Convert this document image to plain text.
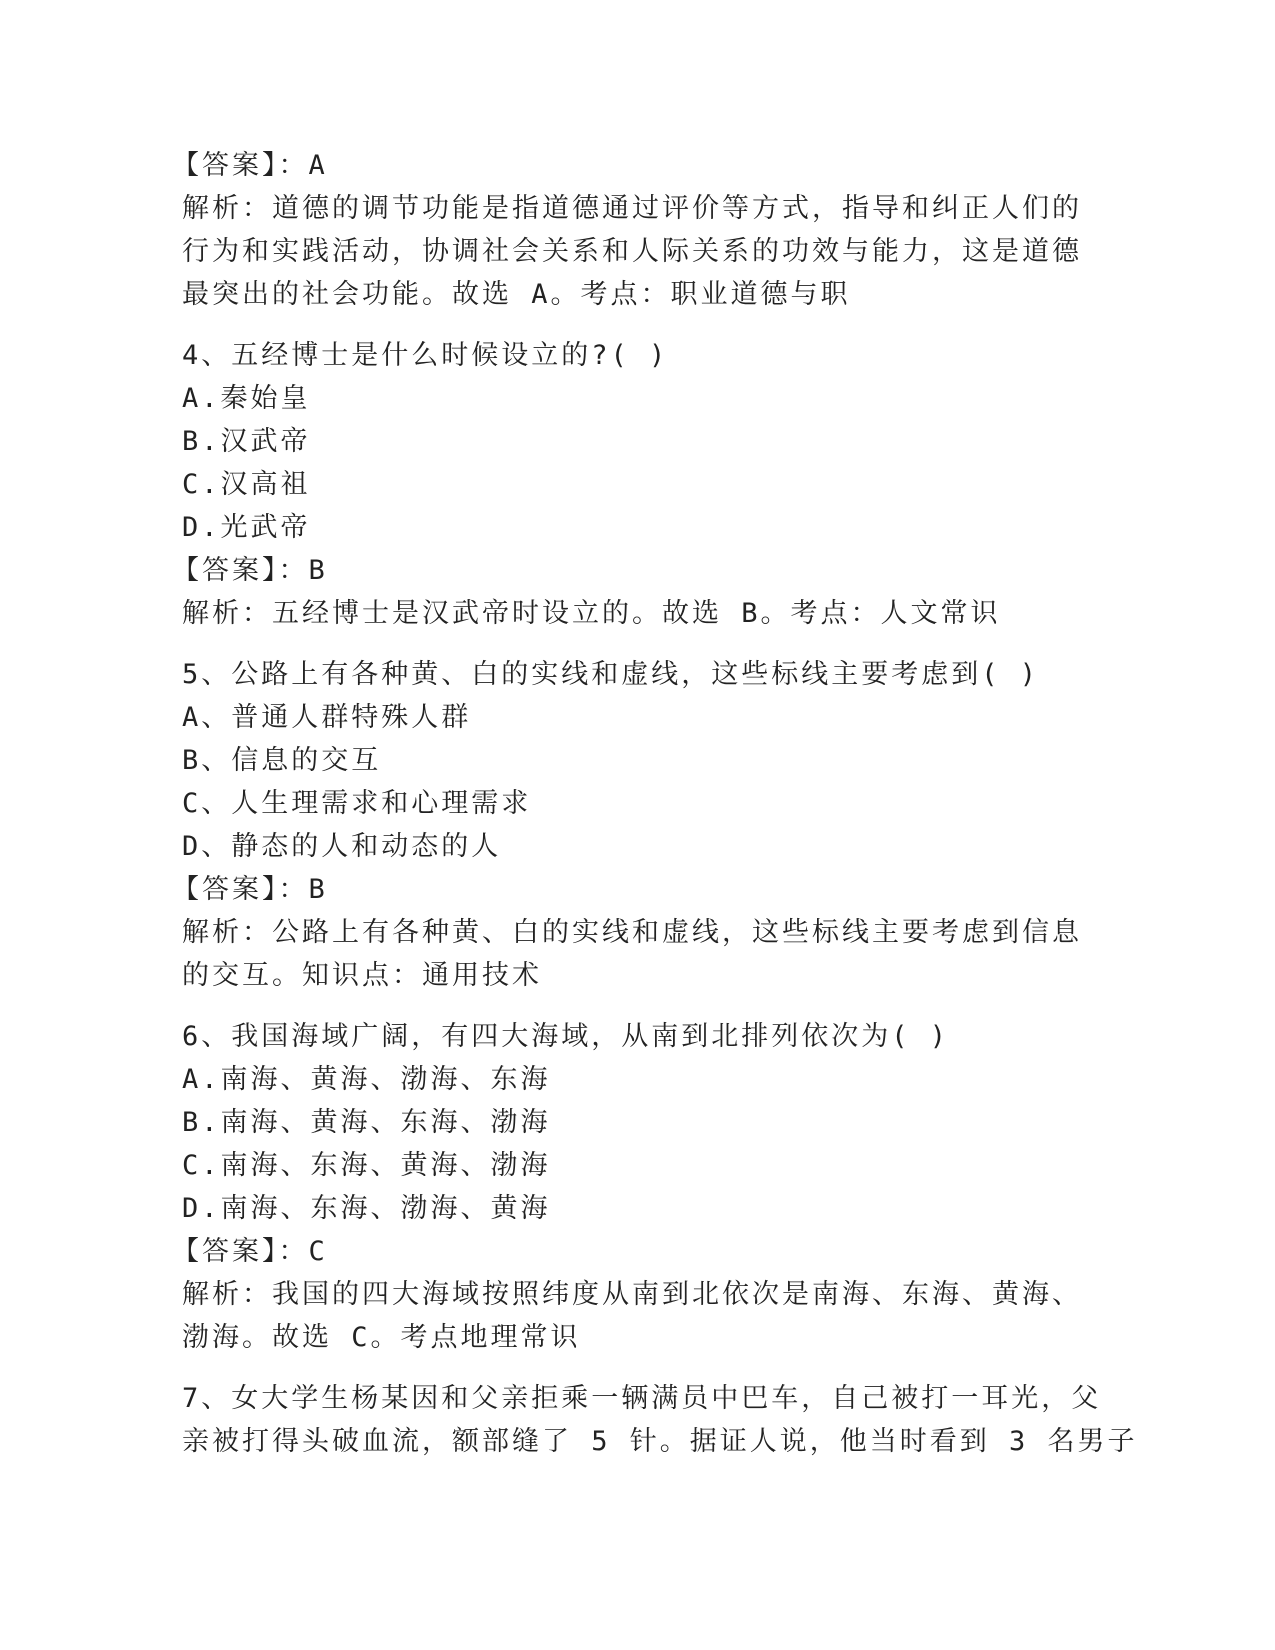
【答案】：A
解析：道德的调节功能是指道德通过评价等方式，指导和纠正人们的
行为和实践活动，协调社会关系和人际关系的功效与能力，这是道德
最突出的社会功能。故选 A。考点：职业道德与职
4、五经博士是什么时候设立的?( )
A.秦始皇
B.汉武帝
C.汉高祖
D.光武帝
【答案】：B
解析：五经博士是汉武帝时设立的。故选 B。考点：人文常识
5、公路上有各种黄、白的实线和虚线，这些标线主要考虑到( )
A、普通人群特殊人群
B、信息的交互
C、人生理需求和心理需求
D、静态的人和动态的人
【答案】：B
解析：公路上有各种黄、白的实线和虚线，这些标线主要考虑到信息
的交互。知识点：通用技术
6、我国海域广阔，有四大海域，从南到北排列依次为( )
A.南海、黄海、渤海、东海
B.南海、黄海、东海、渤海
C.南海、东海、黄海、渤海
D.南海、东海、渤海、黄海
【答案】：C
解析：我国的四大海域按照纬度从南到北依次是南海、东海、黄海、
渤海。故选 C。考点地理常识
7、女大学生杨某因和父亲拒乘一辆满员中巴车，自己被打一耳光，父
亲被打得头破血流，额部缝了 5 针。据证人说，他当时看到 3 名男子
